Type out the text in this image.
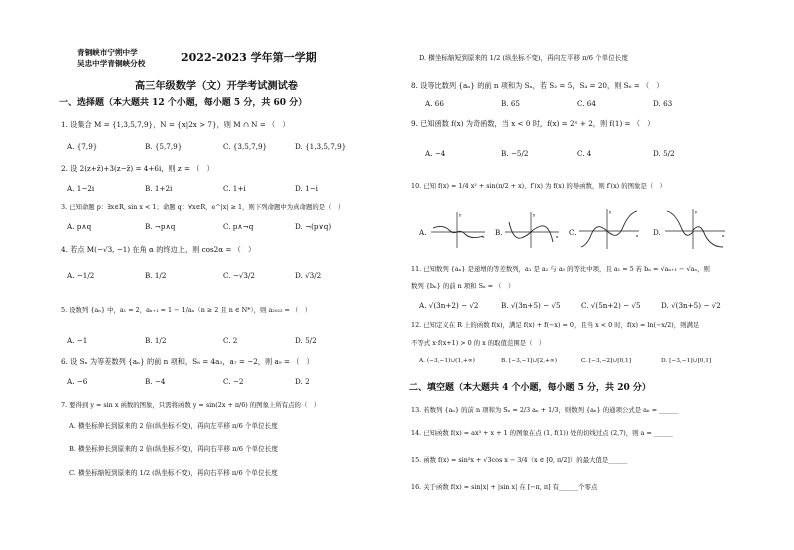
青铜峡市宁朔中学
吴忠中学青铜峡分校	2022-2023 学年第一学期
高三年级数学（文）开学考试测试卷
一、选择题（本大题共 12 个小题，每小题 5 分，共 60 分）
1. 设集合 M = {1,3,5,7,9}，N = {x|2x > 7}，则 M ∩ N = （　）
A. {7,9}	B. {5,7,9}	C. {3,5,7,9}	D. {1,3,5,7,9}
2. 设 2(z+z̄)+3(z−z̄) = 4+6i，则 z = （　）
A. 1−2i	B. 1+2i	C. 1+i	D. 1−i
3. 已知命题 p：∃x∈R, sin x < 1；命题 q：∀x∈R，e^|x| ≥ 1，则下列命题中为真命题的是（　）
A. p∧q	B. ¬p∧q	C. p∧¬q	D. ¬(p∨q)
4. 若点 M(−√3, −1) 在角 α 的终边上，则 cos2α = （　）
A. −1/2	B. 1/2	C. −√3/2	D. √3/2
5. 设数列 {aₙ} 中，a₁ = 2，aₙ₊₁ = 1 − 1/aₙ（n ≥ 2 且 n ∈ N*），则 a₂₀₂₂ = （　）
A. −1	B. 1/2	C. 2	D. 5/2
6. 设 Sₙ 为等差数列 {aₙ} 的前 n 项和，S₈ = 4a₃，a₇ = −2，则 a₉ = （　）
A. −6	B. −4	C. −2	D. 2
7. 要得到 y = sin x 函数的图象，只需将函数 y = sin(2x + π/6) 的图象上所有点的（　）
A. 横坐标伸长到原来的 2 倍(纵坐标不变)，再向左平移 π/6 个单位长度
B. 横坐标伸长到原来的 2 倍(纵坐标不变)，再向右平移 π/6 个单位长度
C. 横坐标缩短到原来的 1/2 (纵坐标不变)，再向右平移 π/6 个单位长度
D. 横坐标缩短到原来的 1/2 (纵坐标不变)，再向左平移 π/6 个单位长度
8. 设等比数列 {aₙ} 的前 n 项和为 Sₙ，若 S₂ = 5，S₄ = 20，则 S₆ = （　）
A. 66	B. 65	C. 64	D. 63
9. 已知函数 f(x) 为奇函数，当 x < 0 时，f(x) = 2ˣ + 2，则 f(1) = （　）
A. −4	B. −5/2	C. 4	D. 5/2
10. 已知 f(x) = 1/4 x² + sin(π/2 + x)，f′(x) 为 f(x) 的导函数，则 f′(x) 的图象是（　）
A.	x
y
B.	x
y
C.	x
y
D.	x
y
11. 已知数列 {aₙ} 是递增的等差数列，a₁ 是 a₂ 与 a₅ 的等比中项，且 a₁ = 5 若 bₙ = √aₙ₊₁ − √aₙ，则
数列 {bₙ} 的前 n 项和 Sₙ = （　）
A. √(3n+2) − √2	B. √(3n+5) − √5	C. √(5n+2) − √5	D. √(3n+5) − √2
12. 已知定义在 R 上的函数 f(x)，满足 f(x) + f(−x) = 0，且当 x < 0 时，f(x) = ln(−x/2)，则满足
不等式 x·f(x+1) > 0 的 x 的取值范围是（　）
A. (−3,−1)∪(1,+∞)	B. [−3,−1]∪[2,+∞)	C. [−3,−2]∪[0,1]	D. [−3,−1]∪[0,1]
二、填空题（本大题共 4 个小题，每小题 5 分，共 20 分）
13. 若数列 {aₙ} 的前 n 项和为 Sₙ = 2/3 aₙ + 1/3，则数列 {aₙ} 的通项公式是 aₙ = ______
14. 已知函数 f(x) = ax³ + x + 1 的图象在点 (1, f(1)) 处的切线过点 (2,7)，则 a = ______
15. 函数 f(x) = sin²x + √3cos x − 3/4（x ∈ [0, π/2]）的最大值是______
16. 关于函数 f(x) = sin|x| + |sin x| 在 [−π, π] 有______个零点
